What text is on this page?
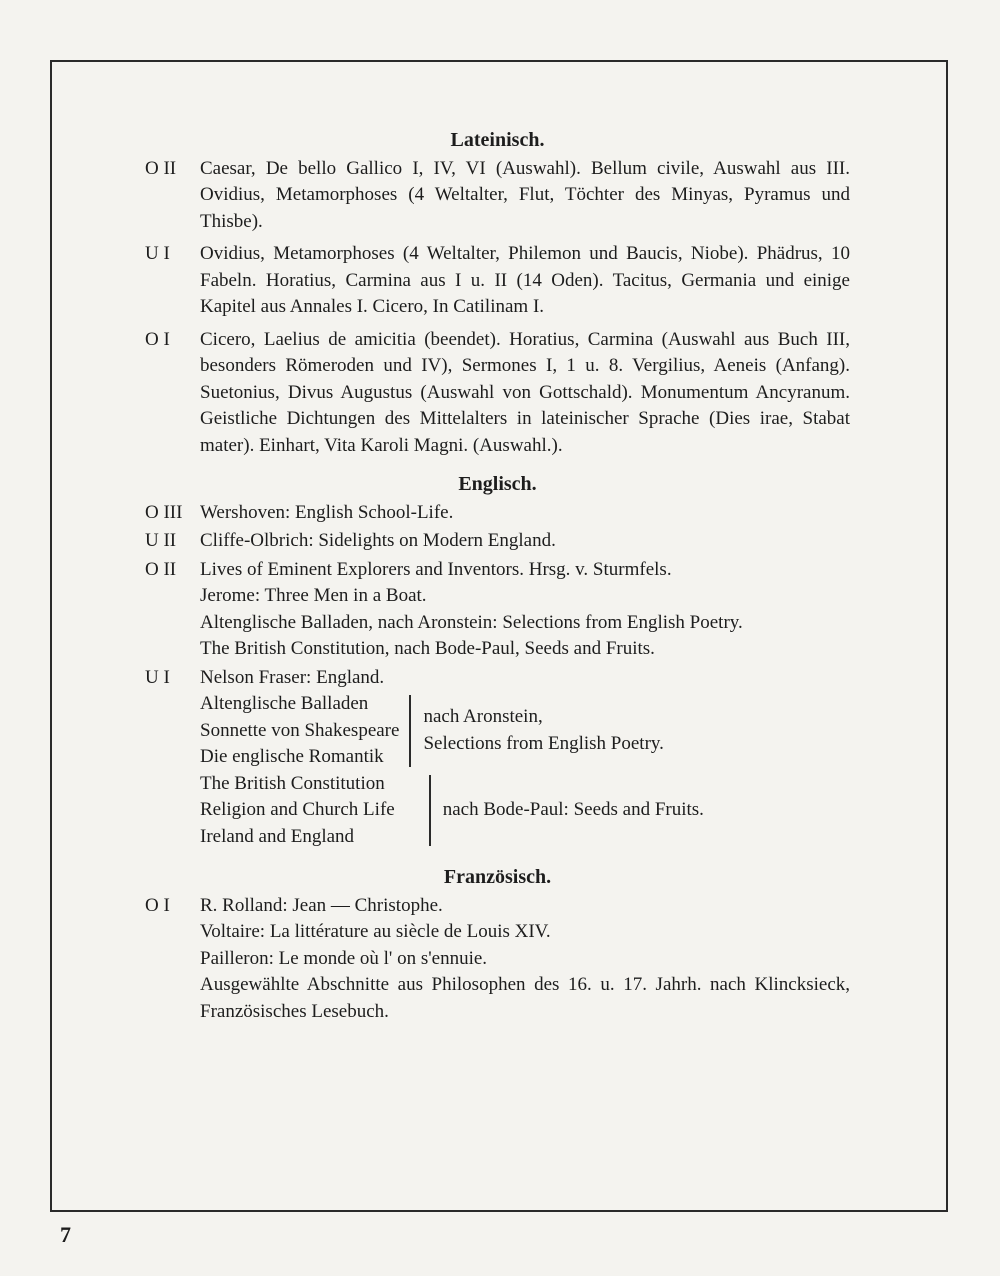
Lateinisch.
O II	Caesar, De bello Gallico I, IV, VI (Auswahl). Bellum civile, Auswahl aus III. Ovidius, Metamorphoses (4 Weltalter, Flut, Töchter des Minyas, Pyramus und Thisbe).
U I	Ovidius, Metamorphoses (4 Weltalter, Philemon und Baucis, Niobe). Phädrus, 10 Fabeln. Horatius, Carmina aus I u. II (14 Oden). Tacitus, Germania und einige Kapitel aus Annales I. Cicero, In Catilinam I.
O I	Cicero, Laelius de amicitia (beendet). Horatius, Carmina (Auswahl aus Buch III, besonders Römeroden und IV), Sermones I, 1 u. 8. Vergilius, Aeneis (Anfang). Suetonius, Divus Augustus (Auswahl von Gottschald). Monumentum Ancyranum. Geistliche Dichtungen des Mittelalters in lateinischer Sprache (Dies irae, Stabat mater). Einhart, Vita Karoli Magni. (Auswahl.).
Englisch.
O III Wershoven: English School-Life.
U II	Cliffe-Olbrich: Sidelights on Modern England.
O II	Lives of Eminent Explorers and Inventors. Hrsg. v. Sturmfels.
Jerome: Three Men in a Boat.
Altenglische Balladen, nach Aronstein: Selections from English Poetry.
The British Constitution, nach Bode-Paul, Seeds and Fruits.
U I	Nelson Fraser: England.
Altenglische Balladen
Sonnette von Shakespeare
Die englische Romantik
nach Aronstein,
Selections from English Poetry.
The British Constitution
Religion and Church Life
Ireland and England
nach Bode-Paul: Seeds and Fruits.
Französisch.
O I	R. Rolland: Jean — Christophe.
Voltaire: La littérature au siècle de Louis XIV.
Pailleron: Le monde où l' on s'ennuie.
Ausgewählte Abschnitte aus Philosophen des 16. u. 17. Jahrh. nach Klincksieck, Französisches Lesebuch.
7
